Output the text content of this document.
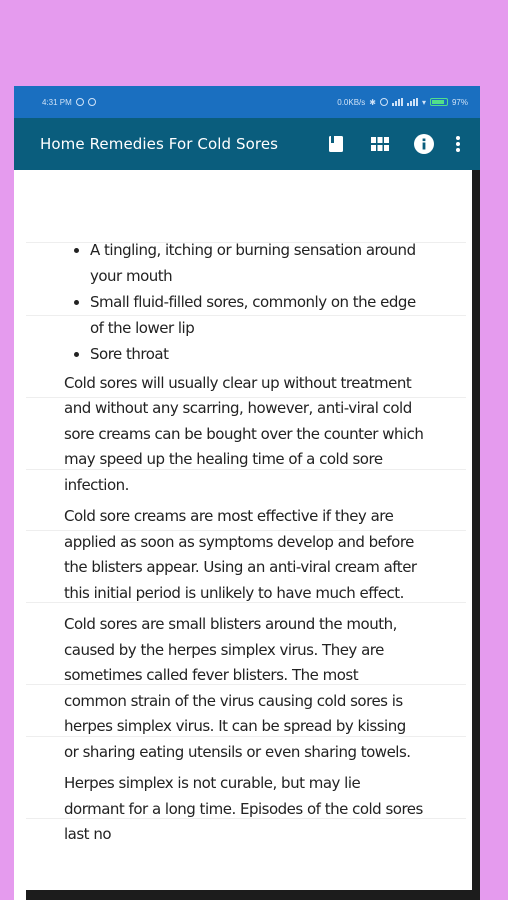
4:31 PM	0.0KB/s ✱	▾	97%
Home Remedies For Cold Sores
• A tingling, itching or burning sensation around your mouth
• Small fluid-filled sores, commonly on the edge of the lower lip
• Sore throat

Cold sores will usually clear up without treatment and without any scarring, however, anti-viral cold sore creams can be bought over the counter which may speed up the healing time of a cold sore infection.

Cold sore creams are most effective if they are applied as soon as symptoms develop and before the blisters appear. Using an anti-viral cream after this initial period is unlikely to have much effect.

Cold sores are small blisters around the mouth, caused by the herpes simplex virus. They are sometimes called fever blisters. The most common strain of the virus causing cold sores is herpes simplex virus. It can be spread by kissing or sharing eating utensils or even sharing towels.

Herpes simplex is not curable, but may lie dormant for a long time. Episodes of the cold sores last no
